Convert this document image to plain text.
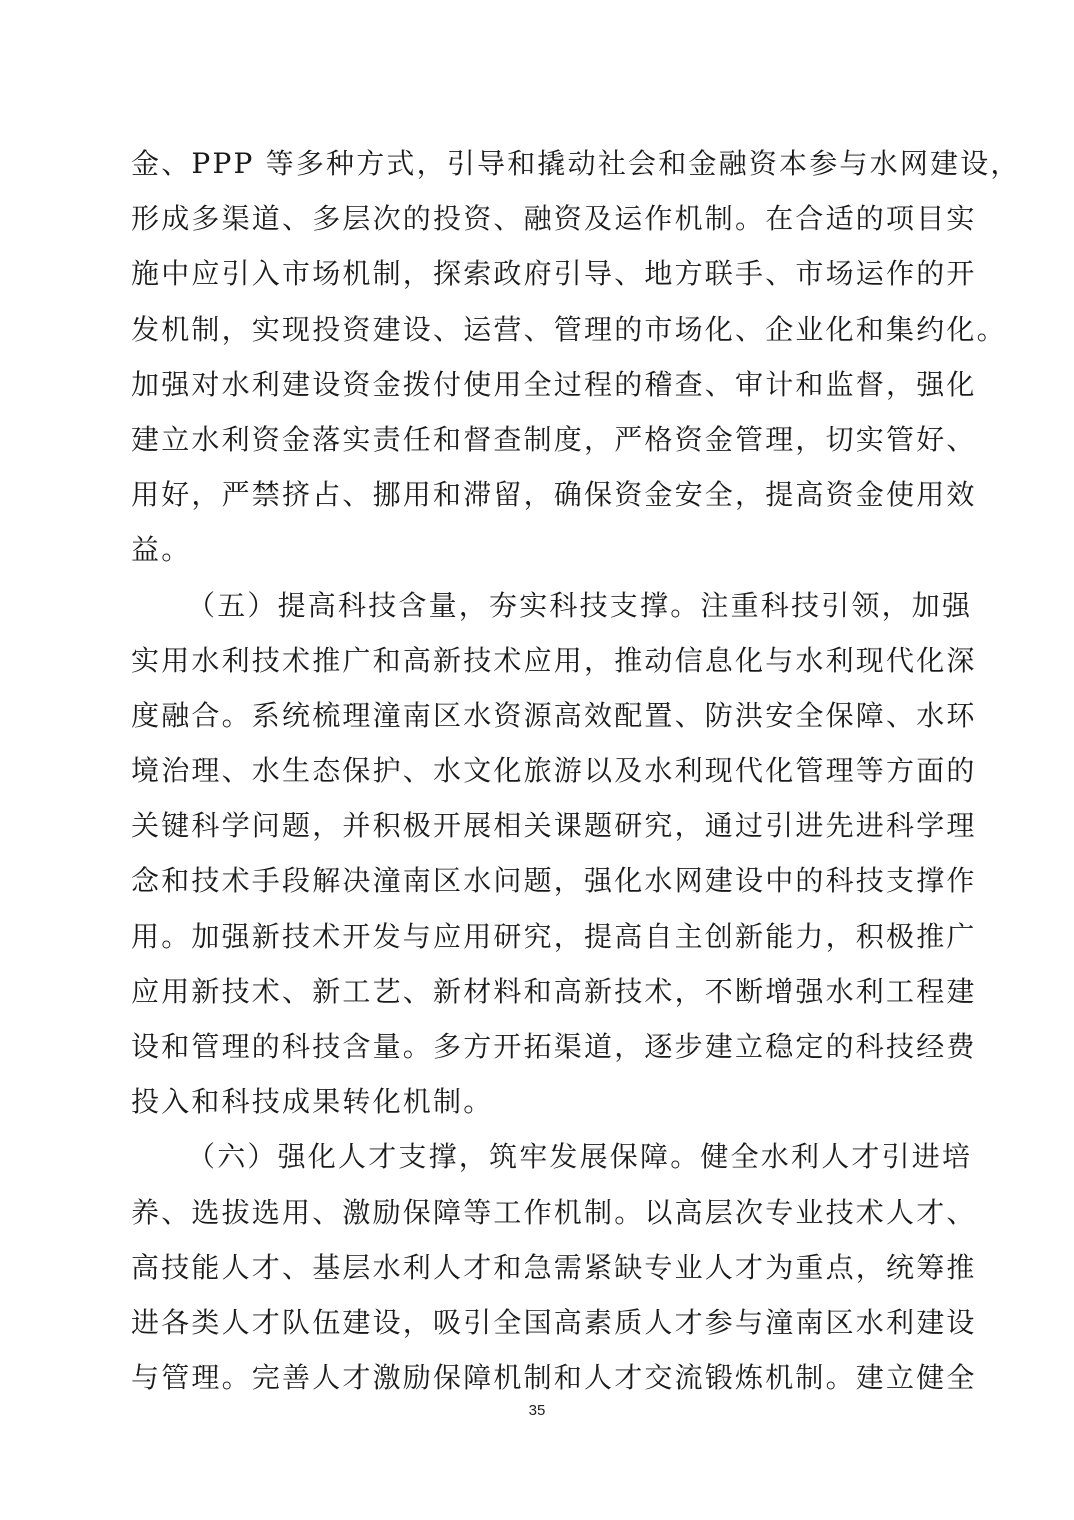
金、PPP 等多种方式，引导和撬动社会和金融资本参与水网建设，
形成多渠道、多层次的投资、融资及运作机制。在合适的项目实
施中应引入市场机制，探索政府引导、地方联手、市场运作的开
发机制，实现投资建设、运营、管理的市场化、企业化和集约化。
加强对水利建设资金拨付使用全过程的稽查、审计和监督，强化
建立水利资金落实责任和督查制度，严格资金管理，切实管好、
用好，严禁挤占、挪用和滞留，确保资金安全，提高资金使用效
益。
（五）提高科技含量，夯实科技支撑。注重科技引领，加强
实用水利技术推广和高新技术应用，推动信息化与水利现代化深
度融合。系统梳理潼南区水资源高效配置、防洪安全保障、水环
境治理、水生态保护、水文化旅游以及水利现代化管理等方面的
关键科学问题，并积极开展相关课题研究，通过引进先进科学理
念和技术手段解决潼南区水问题，强化水网建设中的科技支撑作
用。加强新技术开发与应用研究，提高自主创新能力，积极推广
应用新技术、新工艺、新材料和高新技术，不断增强水利工程建
设和管理的科技含量。多方开拓渠道，逐步建立稳定的科技经费
投入和科技成果转化机制。
（六）强化人才支撑，筑牢发展保障。健全水利人才引进培
养、选拔选用、激励保障等工作机制。以高层次专业技术人才、
高技能人才、基层水利人才和急需紧缺专业人才为重点，统筹推
进各类人才队伍建设，吸引全国高素质人才参与潼南区水利建设
与管理。完善人才激励保障机制和人才交流锻炼机制。建立健全
35
